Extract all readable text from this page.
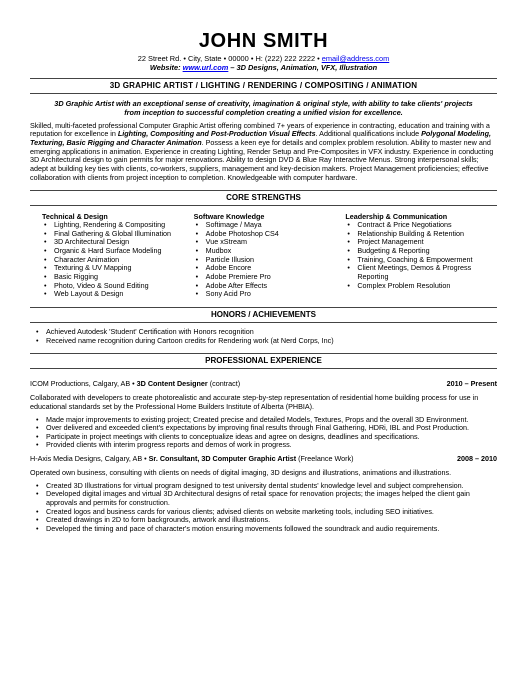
JOHN SMITH
22 Street Rd. • City, State • 00000 • H: (222) 222 2222 • email@address.com
Website: www.url.com – 3D Designs, Animation, VFX, Illustration
3D GRAPHIC ARTIST / LIGHTING / RENDERING / COMPOSITING / ANIMATION
3D Graphic Artist with an exceptional sense of creativity, imagination & original style, with ability to take clients' projects from inception to successful completion creating a unified vision for excellence.
Skilled, multi-faceted professional Computer Graphic Artist offering combined 7+ years of experience in contracting, education and training with a reputation for excellence in Lighting, Compositing and Post-Production Visual Effects. Additional qualifications include Polygonal Modeling, Texturing, Basic Rigging and Character Animation. Possess a keen eye for details and complex problem resolution. Ability to master new and emerging applications in animation. Experience in creating Lighting, Render Setup and Pre-Composites in VFX industry. Experience in conducting 3D Architectural design to gain permits for major renovations. Ability to design DVD & Blue Ray Interactive Menus. Strong interpersonal skills; adept at building key ties with clients, co-workers, suppliers, management and key-decision makers. Project Management proficiencies; effective collaboration with clients from project inception to completion. Knowledgeable with computer hardware.
CORE STRENGTHS
Technical & Design
• Lighting, Rendering & Compositing
• Final Gathering & Global Illumination
• 3D Architectural Design
• Organic & Hard Surface Modeling
• Character Animation
• Texturing & UV Mapping
• Basic Rigging
• Photo, Video & Sound Editing
• Web Layout & Design
Software Knowledge
• Softimage / Maya
• Adobe Photoshop CS4
• Vue xStream
• Mudbox
• Particle Illusion
• Adobe Encore
• Adobe Premiere Pro
• Adobe After Effects
• Sony Acid Pro
Leadership & Communication
• Contract & Price Negotiations
• Relationship Building & Retention
• Project Management
• Budgeting & Reporting
• Training, Coaching & Empowerment
• Client Meetings, Demos & Progress Reporting
• Complex Problem Resolution
HONORS / ACHIEVEMENTS
• Achieved Autodesk 'Student' Certification with Honors recognition
• Received name recognition during Cartoon credits for Rendering work (at Nerd Corps, Inc)
PROFESSIONAL EXPERIENCE
ICOM Productions, Calgary, AB • 3D Content Designer (contract)	2010 – Present
Collaborated with developers to create photorealistic and accurate step-by-step representation of residential home building process for use in educational standards set by the Professional Home Builders Institute of Alberta (PHBIA).
• Made major improvements to existing project; Created precise and detailed Models, Textures, Props and the overall 3D Environment.
• Over delivered and exceeded client's expectations by improving final results through Final Gathering, HDRi, IBL and Post Production.
• Participate in project meetings with clients to conceptualize ideas and agree on designs, deadlines and specifications.
• Provided clients with interim progress reports and demos of work in progress.
H-Axis Media Designs, Calgary, AB • Sr. Consultant, 3D Computer Graphic Artist (Freelance Work)	2008 – 2010
Operated own business, consulting with clients on needs of digital imaging, 3D designs and illustrations, animations and illustrations.
• Created 3D Illustrations for virtual program designed to test university dental students' knowledge level and subject comprehension.
• Developed digital images and virtual 3D Architectural designs of retail space for renovation projects; the images helped the client gain approvals and permits for construction.
• Created logos and business cards for various clients; advised clients on website marketing tools, including SEO initiatives.
• Created drawings in 2D to form backgrounds, artwork and illustrations.
• Developed the timing and pace of character's motion ensuring movements followed the soundtrack and audio requirements.
